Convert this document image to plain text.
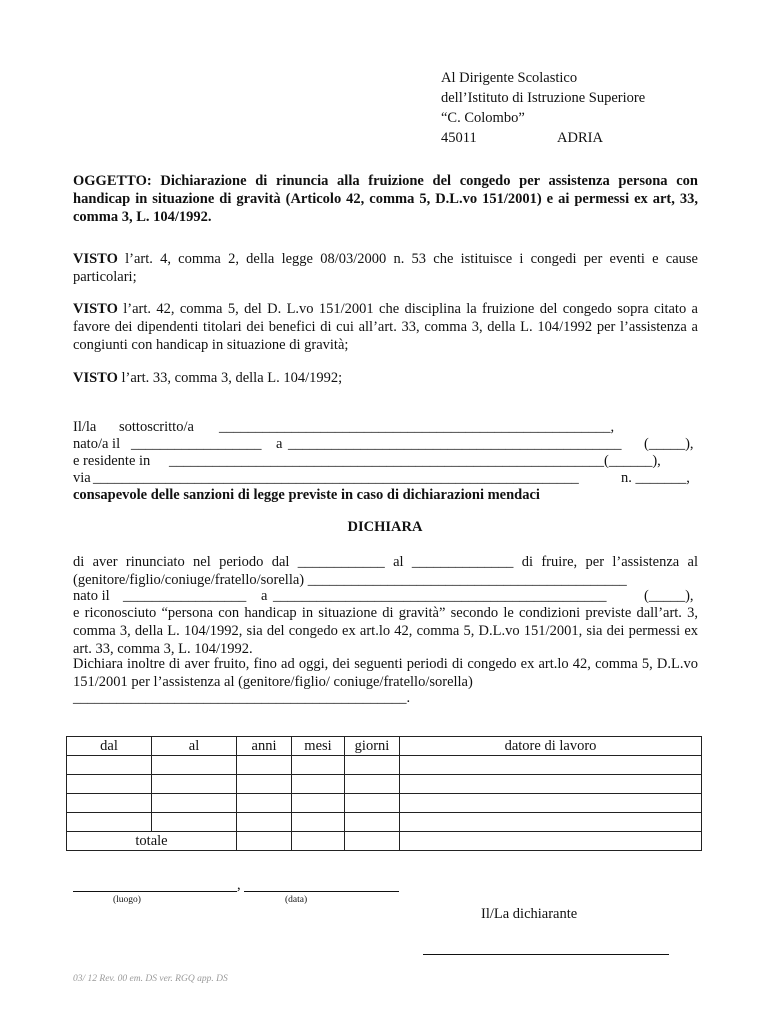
Al Dirigente Scolastico
dell’Istituto di Istruzione Superiore
“C. Colombo”
45011	ADRIA
OGGETTO: Dichiarazione di rinuncia alla fruizione del congedo per assistenza persona con handicap in situazione di gravità (Articolo 42, comma 5, D.L.vo 151/2001) e ai permessi ex art, 33, comma 3, L. 104/1992.
VISTO l’art. 4, comma 2, della legge 08/03/2000 n. 53 che istituisce i congedi per eventi e cause particolari;
VISTO l’art. 42, comma 5, del D. L.vo 151/2001 che disciplina la fruizione del congedo sopra citato a favore dei dipendenti titolari dei benefici di cui all’art. 33, comma 3, della L. 104/1992 per l’assistenza a congiunti con handicap in situazione di gravità;
VISTO l’art. 33, comma 3, della L. 104/1992;
Il/la sottoscritto/a ______________________________________________________,
nato/a il __________________ a ______________________________________________ (_____),
e residente in ____________________________________________________________(______),
via ___________________________________________________________________	n. _______,
consapevole delle sanzioni di legge previste in caso di dichiarazioni mendaci
DICHIARA
di aver rinunciato nel periodo dal ____________ al ______________ di fruire, per l’assistenza al (genitore/figlio/coniuge/fratello/sorella) ____________________________________________
nato il _________________ a ______________________________________________	(_____),
e riconosciuto “persona con handicap in situazione di gravità” secondo le condizioni previste dall’art. 3, comma 3, della L. 104/1992, sia del congedo ex art.lo 42, comma 5, D.L.vo 151/2001, sia dei permessi ex art. 33, comma 3, L. 104/1992.
Dichiara inoltre di aver fruito, fino ad oggi, dei seguenti periodi di congedo ex art.lo 42, comma 5, D.L.vo 151/2001 per l’assistenza al (genitore/figlio/ coniuge/fratello/sorella)
______________________________________________.
dal	al	anni	mesi	giorni	datore di lavoro

totale					
,
(luogo)	(data)
Il/La dichiarante
03/ 12 Rev. 00 em. DS ver. RGQ app. DS
